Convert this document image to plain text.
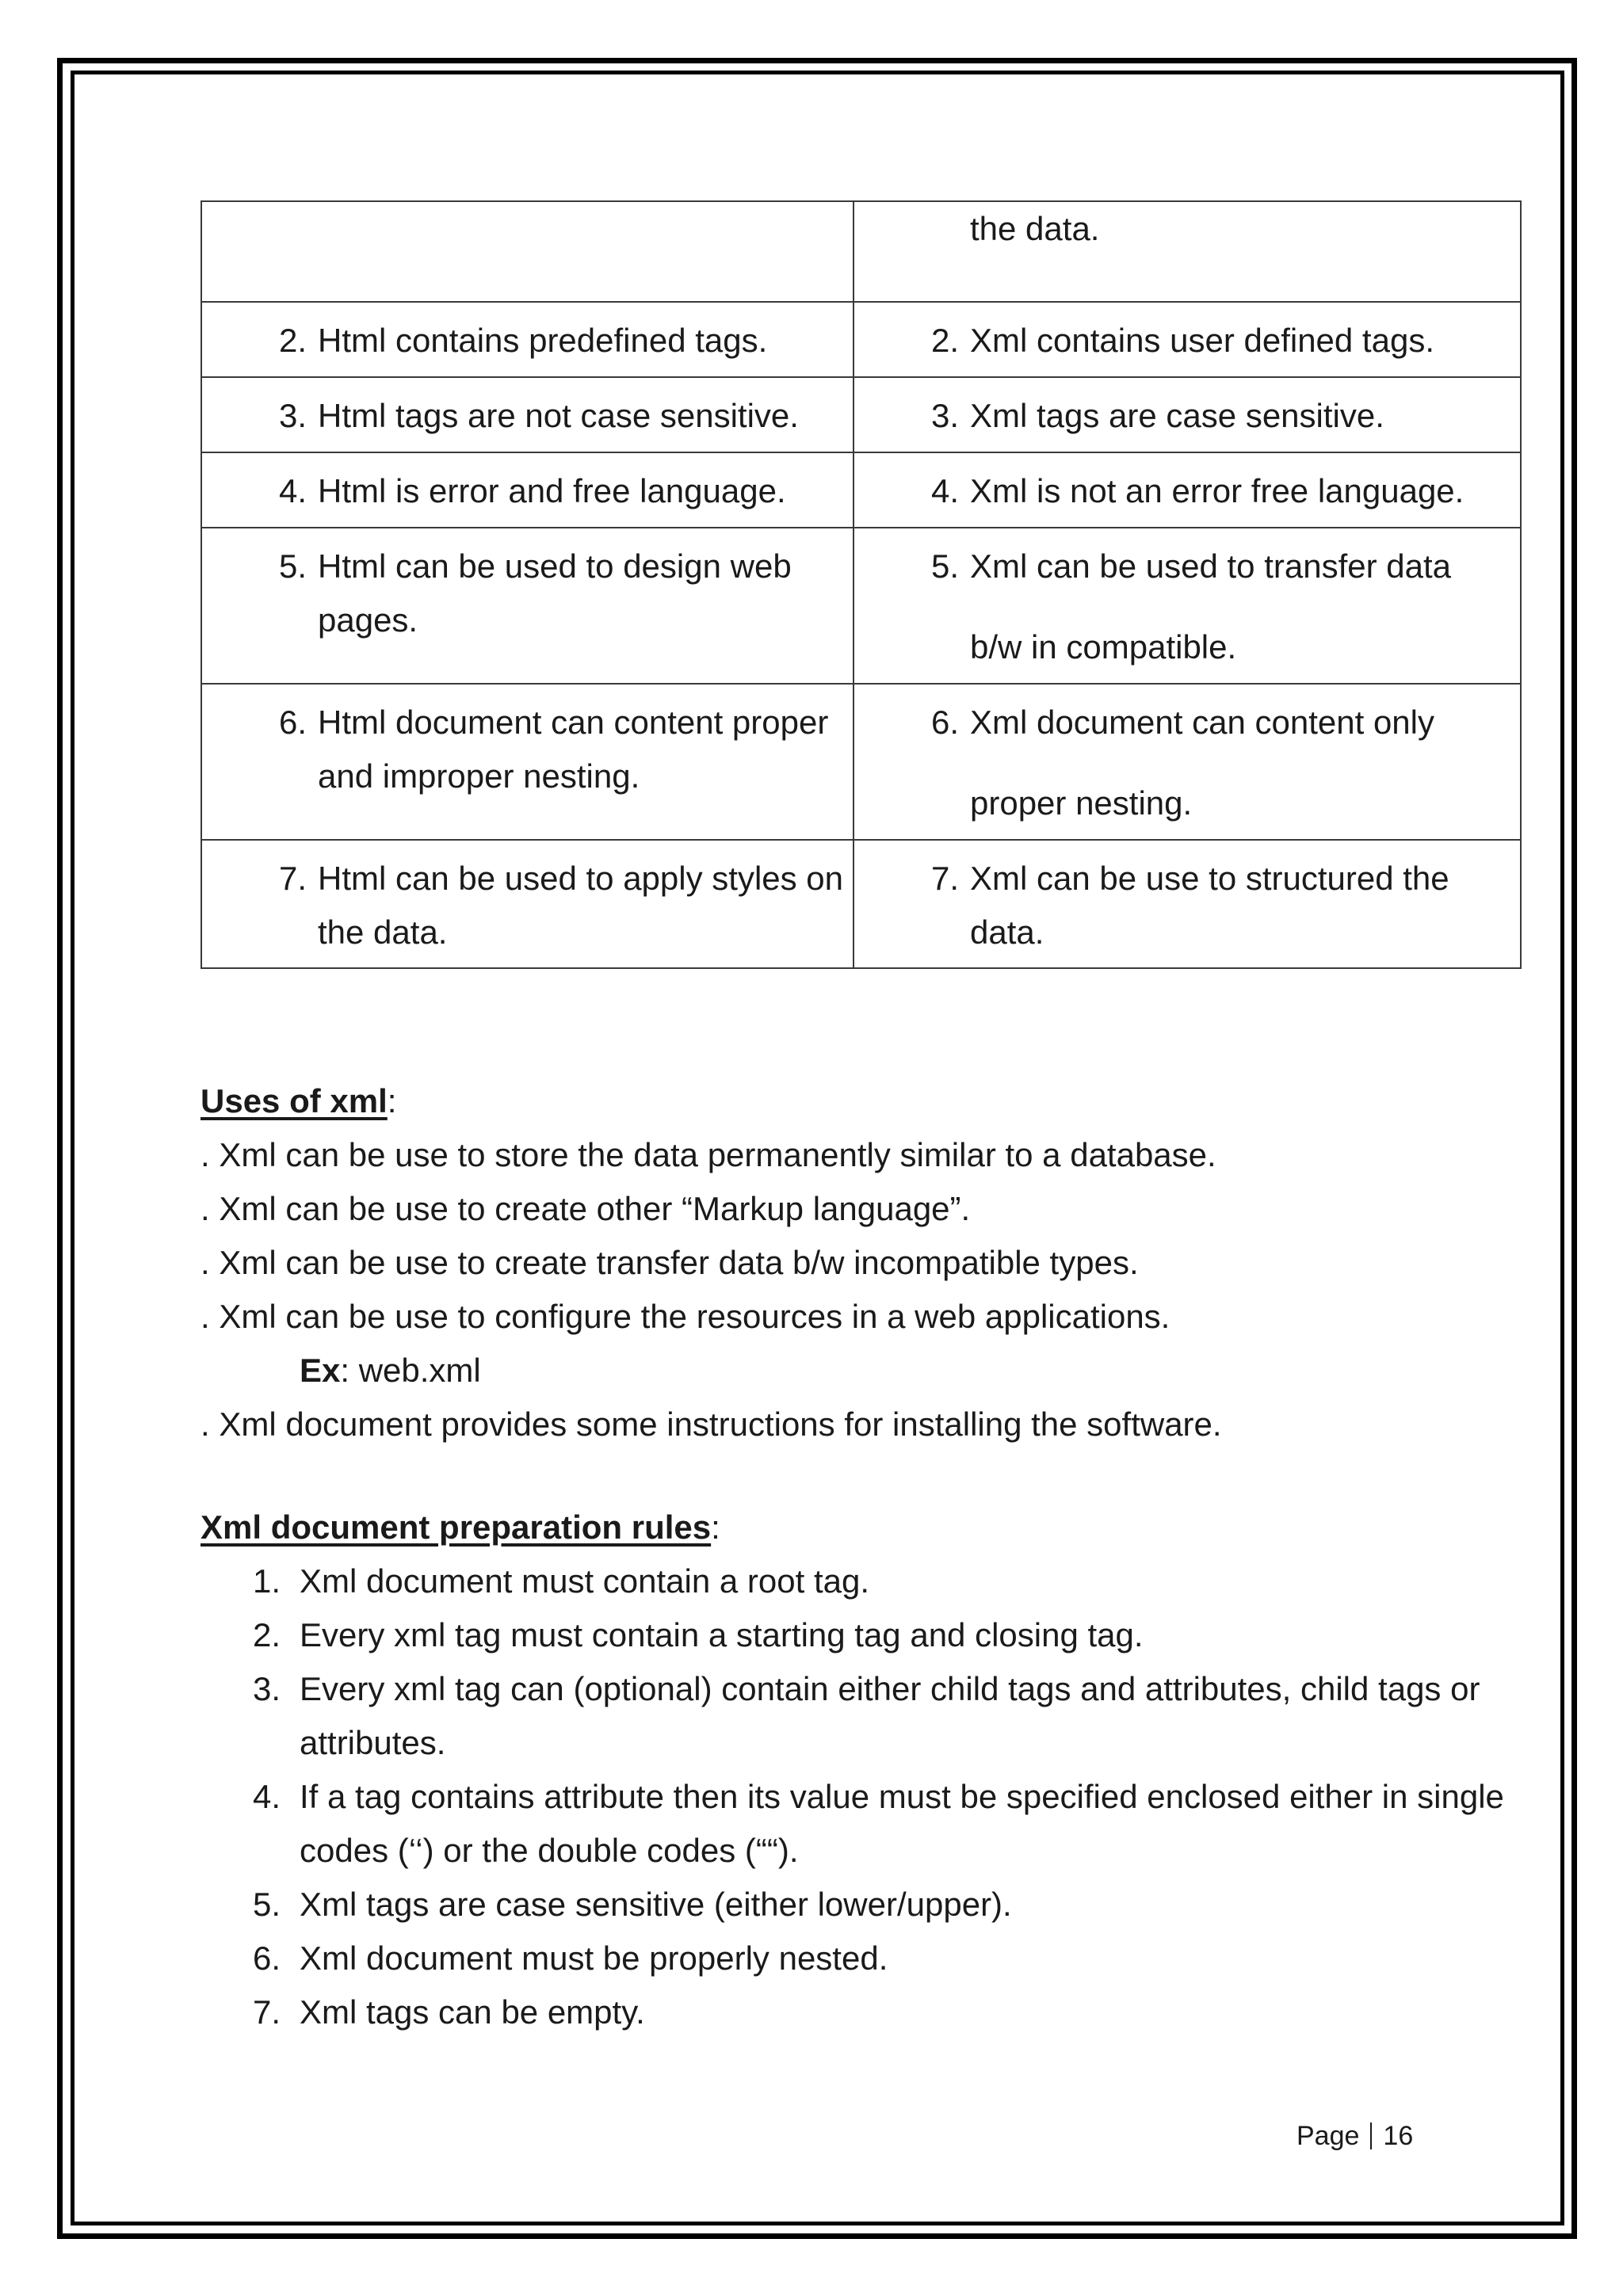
	the data.

2. Html contains predefined tags.	2. Xml contains user defined tags.

3. Html tags are not case sensitive.	3. Xml tags are case sensitive.

4. Html is error and free language.	4. Xml is not an error free language.

5. Html can be used to design web pages.	5. Xml can be used to transfer data
b/w in compatible.

6. Html document can content proper and improper nesting.	6. Xml document can content only
proper nesting.

7. Html can be used to apply styles on the data.	7. Xml can be use to structured the data.
Uses of xml:
. Xml can be use to store the data permanently similar to a database.
. Xml can be use to create other “Markup language”.
. Xml can be use to create transfer data b/w incompatible types.
. Xml can be use to configure the resources in a web applications.
Ex: web.xml
. Xml document provides some instructions for installing the software.
Xml document preparation rules:
1. Xml document must contain a root tag.
2. Every xml tag must contain a starting tag and closing tag.
3. Every xml tag can (optional) contain either child tags and attributes, child tags or attributes.
4. If a tag contains attribute then its value must be specified enclosed either in single codes (‘‘) or the double codes (““).
5. Xml tags are case sensitive (either lower/upper).
6. Xml document must be properly nested.
7. Xml tags can be empty.
Page 16
